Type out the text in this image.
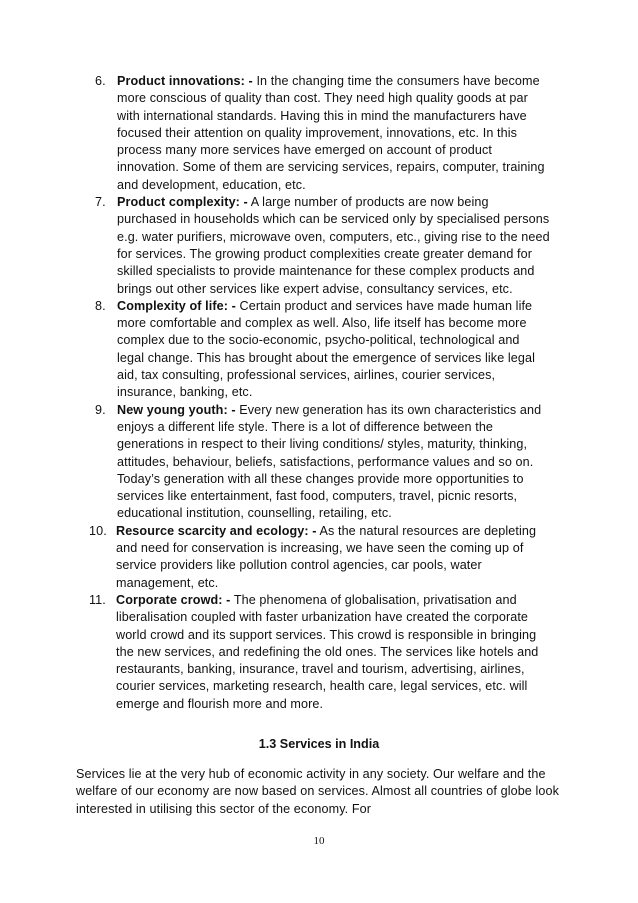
6. Product innovations: - In the changing time the consumers have become more conscious of quality than cost. They need high quality goods at par with international standards. Having this in mind the manufacturers have focused their attention on quality improvement, innovations, etc. In this process many more services have emerged on account of product innovation. Some of them are servicing services, repairs, computer, training and development, education, etc.
7. Product complexity: - A large number of products are now being purchased in households which can be serviced only by specialised persons e.g. water purifiers, microwave oven, computers, etc., giving rise to the need for services. The growing product complexities create greater demand for skilled specialists to provide maintenance for these complex products and brings out other services like expert advise, consultancy services, etc.
8. Complexity of life: - Certain product and services have made human life more comfortable and complex as well. Also, life itself has become more complex due to the socio-economic, psycho-political, technological and legal change. This has brought about the emergence of services like legal aid, tax consulting, professional services, airlines, courier services, insurance, banking, etc.
9. New young youth: - Every new generation has its own characteristics and enjoys a different life style. There is a lot of difference between the generations in respect to their living conditions/ styles, maturity, thinking, attitudes, behaviour, beliefs, satisfactions, performance values and so on. Today’s generation with all these changes provide more opportunities to services like entertainment, fast food, computers, travel, picnic resorts, educational institution, counselling, retailing, etc.
10. Resource scarcity and ecology: - As the natural resources are depleting and need for conservation is increasing, we have seen the coming up of service providers like pollution control agencies, car pools, water management, etc.
11. Corporate crowd: - The phenomena of globalisation, privatisation and liberalisation coupled with faster urbanization have created the corporate world crowd and its support services. This crowd is responsible in bringing the new services, and redefining the old ones. The services like hotels and restaurants, banking, insurance, travel and tourism, advertising, airlines, courier services, marketing research, health care, legal services, etc. will emerge and flourish more and more.
1.3 Services in India

Services lie at the very hub of economic activity in any society. Our welfare and the welfare of our economy are now based on services. Almost all countries of globe look interested in utilising this sector of the economy. For

10
